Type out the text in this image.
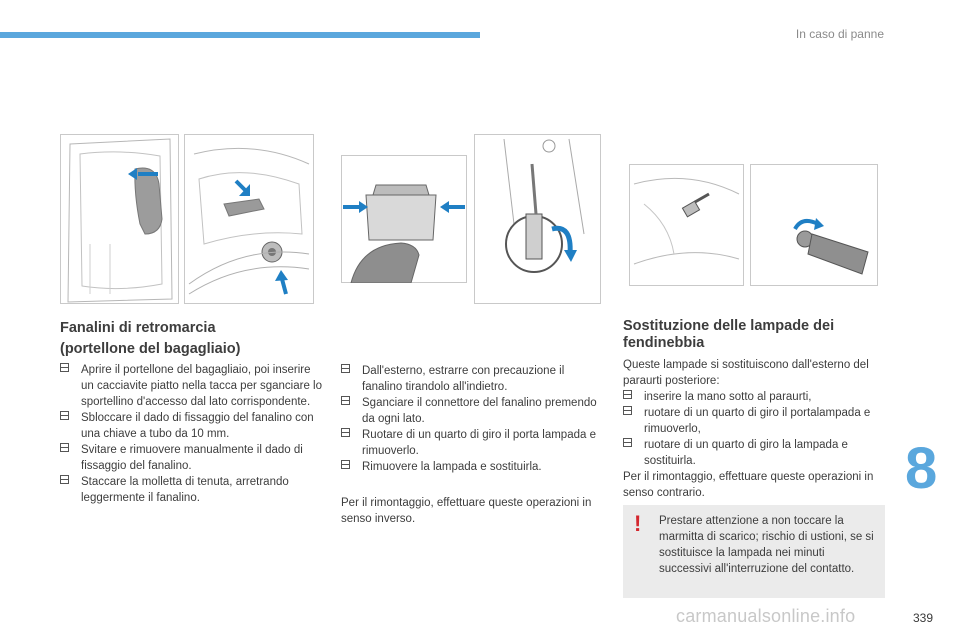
In caso di panne
Fanalini di retromarcia
(portellone del bagagliaio)
Aprire il portellone del bagagliaio, poi inserire un cacciavite piatto nella tacca per sganciare lo sportellino d'accesso dal lato corrispondente.
Sbloccare il dado di fissaggio del fanalino con una chiave a tubo da 10 mm.
Svitare e rimuovere manualmente il dado di fissaggio del fanalino.
Staccare la molletta di tenuta, arretrando leggermente il fanalino.
Dall'esterno, estrarre con precauzione il fanalino tirandolo all'indietro.
Sganciare il connettore del fanalino premendo da ogni lato.
Ruotare di un quarto di giro il porta lampada e rimuoverlo.
Rimuovere la lampada e sostituirla.

Per il rimontaggio, effettuare queste operazioni in senso inverso.

Sostituzione delle lampade dei
fendinebbia

Queste lampade si sostituiscono dall'esterno del paraurti posteriore:

inserire la mano sotto al paraurti,
ruotare di un quarto di giro il portalampada e rimuoverlo,
ruotare di un quarto di giro la lampada e sostituirla.

Per il rimontaggio, effettuare queste operazioni in senso contrario.

! Prestare attenzione a non toccare la marmitta di scarico; rischio di ustioni, se si sostituisce la lampada nei minuti successivi all'interruzione del contatto.
8
carmanualsonline.info	339
